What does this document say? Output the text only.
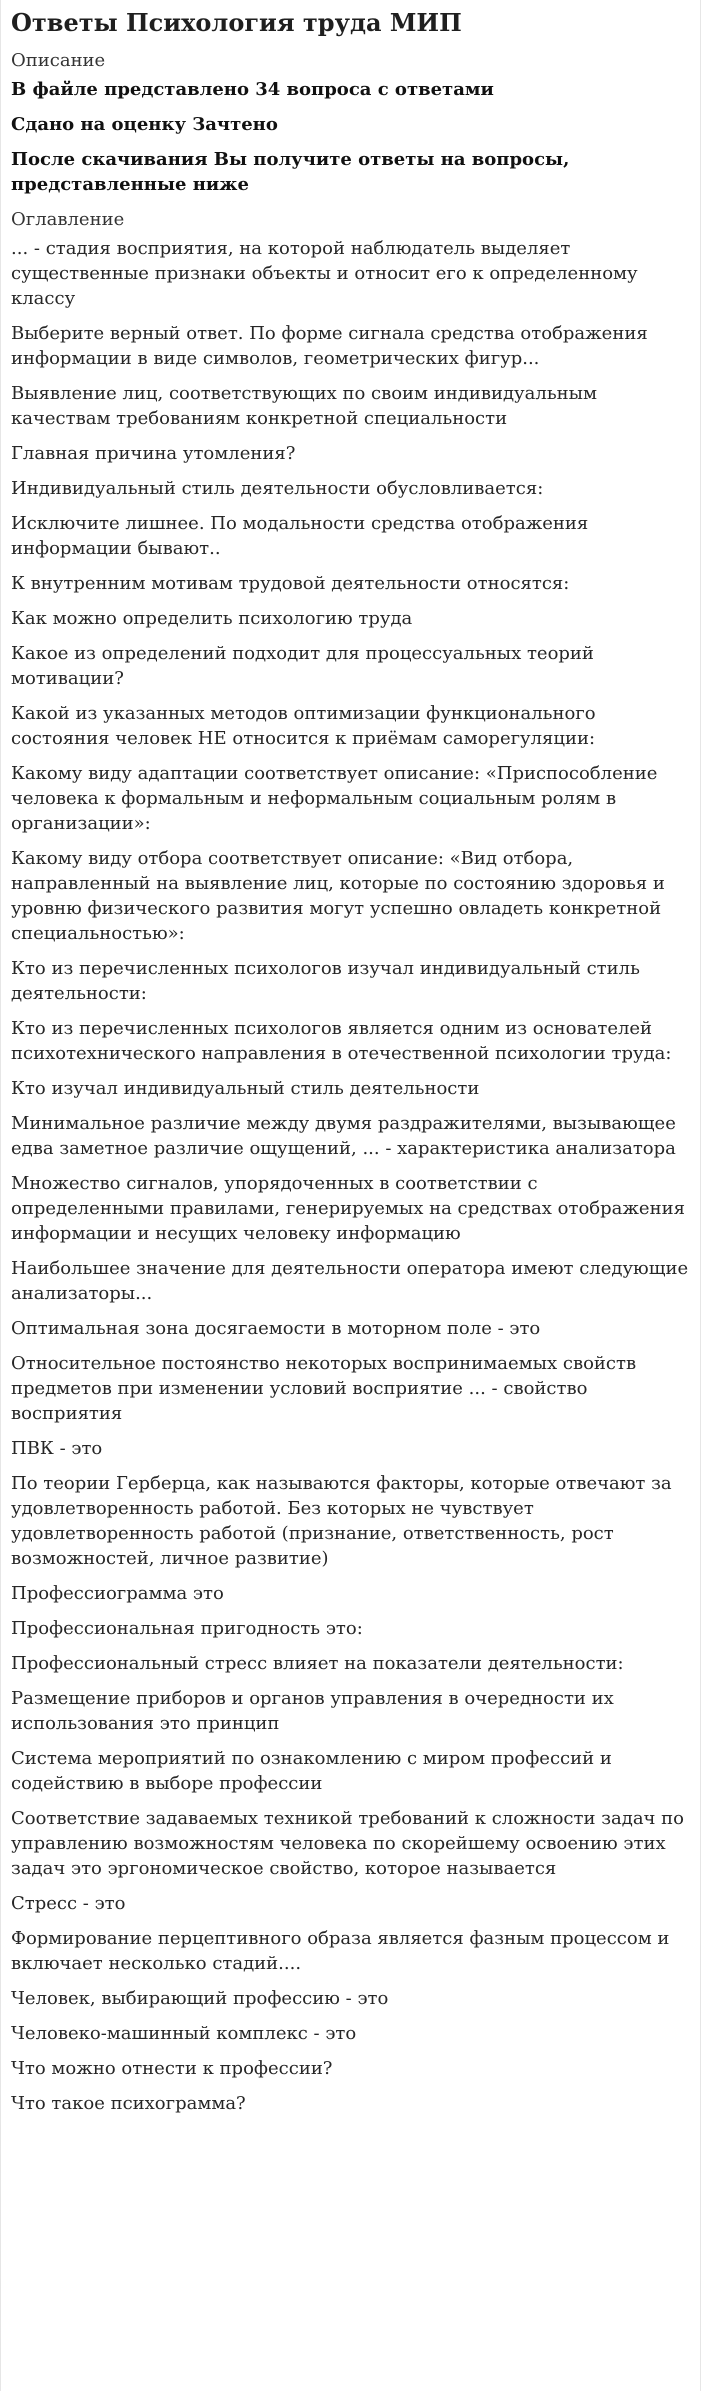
Ответы Психология труда МИП
Описание

В файле представлено 34 вопроса с ответами

Сдано на оценку Зачтено

После скачивания Вы получите ответы на вопросы, представленные ниже

Оглавление
... - стадия восприятия, на которой наблюдатель выделяет существенные признаки объекты и относит его к определенному классу
Выберите верный ответ. По форме сигнала средства отображения информации в виде символов, геометрических фигур...
Выявление лиц, соответствующих по своим индивидуальным качествам требованиям конкретной специальности
Главная причина утомления?
Индивидуальный стиль деятельности обусловливается:
Исключите лишнее. По модальности средства отображения информации бывают..
К внутренним мотивам трудовой деятельности относятся:
Как можно определить психологию труда
Какое из определений подходит для процессуальных теорий мотивации?
Какой из указанных методов оптимизации функционального состояния человек НЕ относится к приёмам саморегуляции:
Какому виду адаптации соответствует описание: «Приспособление человека к формальным и неформальным социальным ролям в организации»:
Какому виду отбора соответствует описание: «Вид отбора, направленный на выявление лиц, которые по состоянию здоровья и уровню физического развития могут успешно овладеть конкретной специальностью»:
Кто из перечисленных психологов изучал индивидуальный стиль деятельности:
Кто из перечисленных психологов является одним из основателей психотехнического направления в отечественной психологии труда:
Кто изучал индивидуальный стиль деятельности
Минимальное различие между двумя раздражителями, вызывающее едва заметное различие ощущений, ... - характеристика анализатора
Множество сигналов, упорядоченных в соответствии с определенными правилами, генерируемых на средствах отображения информации и несущих человеку информацию
Наибольшее значение для деятельности оператора имеют следующие анализаторы...
Оптимальная зона досягаемости в моторном поле - это
Относительное постоянство некоторых воспринимаемых свойств предметов при изменении условий восприятие ... - свойство восприятия
ПВК - это
По теории Герберца, как называются факторы, которые отвечают за удовлетворенность работой. Без которых не чувствует удовлетворенность работой (признание, ответственность, рост возможностей, личное развитие)
Профессиограмма это
Профессиональная пригодность это:
Профессиональный стресс влияет на показатели деятельности:
Размещение приборов и органов управления в очередности их использования это принцип
Система мероприятий по ознакомлению с миром профессий и содействию в выборе профессии
Соответствие задаваемых техникой требований к сложности задач по управлению возможностям человека по скорейшему освоению этих задач это эргономическое свойство, которое называется
Стресс - это
Формирование перцептивного образа является фазным процессом и включает несколько стадий....
Человек, выбирающий профессию - это
Человеко-машинный комплекс - это
Что можно отнести к профессии?
Что такое психограмма?
